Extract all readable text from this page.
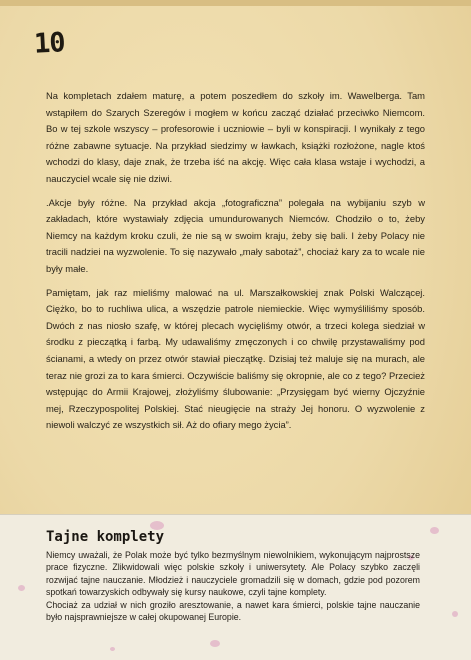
10

Na kompletach zdałem maturę, a potem poszedłem do szkoły im. Wawelberga. Tam wstąpiłem do Szarych Szeregów i mogłem w końcu zacząć działać przeciwko Niemcom. Bo w tej szkole wszyscy – profesorowie i uczniowie – byli w konspiracji. I wynikały z tego różne zabawne sytuacje. Na przykład siedzimy w ławkach, książki rozłożone, nagle ktoś wchodzi do klasy, daje znak, że trzeba iść na akcję. Więc cała klasa wstaje i wychodzi, a nauczyciel wcale się nie dziwi.

.Akcje były różne. Na przykład akcja „fotograficzna” polegała na wybijaniu szyb w zakładach, które wystawiały zdjęcia umundurowanych Niemców. Chodziło o to, żeby Niemcy na każdym kroku czuli, że nie są w swoim kraju, żeby się bali. I żeby Polacy nie tracili nadziei na wyzwolenie. To się nazywało „mały sabotaż”, chociaż kary za to wcale nie były małe.

Pamiętam, jak raz mieliśmy malować na ul. Marszałkowskiej znak Polski Walczącej. Ciężko, bo to ruchliwa ulica, a wszędzie patrole niemieckie. Więc wymyśliliśmy sposób. Dwóch z nas niosło szafę, w której plecach wycięliśmy otwór, a trzeci kolega siedział w środku z pieczątką i farbą. My udawaliśmy zmęczonych i co chwilę przystawaliśmy pod ścianami, a wtedy on przez otwór stawiał pieczątkę. Dzisiaj też maluje się na murach, ale teraz nie grozi za to kara śmierci. Oczywiście baliśmy się okropnie, ale co z tego? Przecież wstępując do Armii Krajowej, złożyliśmy ślubowanie: „Przysięgam być wierny Ojczyźnie mej, Rzeczypospolitej Polskiej. Stać nieugięcie na straży Jej honoru. O wyzwolenie z niewoli walczyć ze wszystkich sił. Aż do ofiary mego życia”.

Tajne komplety

Niemcy uważali, że Polak może być tylko bezmyślnym niewolnikiem, wykonującym najprostsze prace fizyczne. Zlikwidowali więc polskie szkoły i uniwersytety. Ale Polacy szybko zaczęli rozwijać tajne nauczanie. Młodzież i nauczyciele gromadzili się w domach, gdzie pod pozorem spotkań towarzyskich odbywały się kursy naukowe, czyli tajne komplety.

Chociaż za udział w nich groziło aresztowanie, a nawet kara śmierci, polskie tajne nauczanie było najsprawniejsze w całej okupowanej Europie.
